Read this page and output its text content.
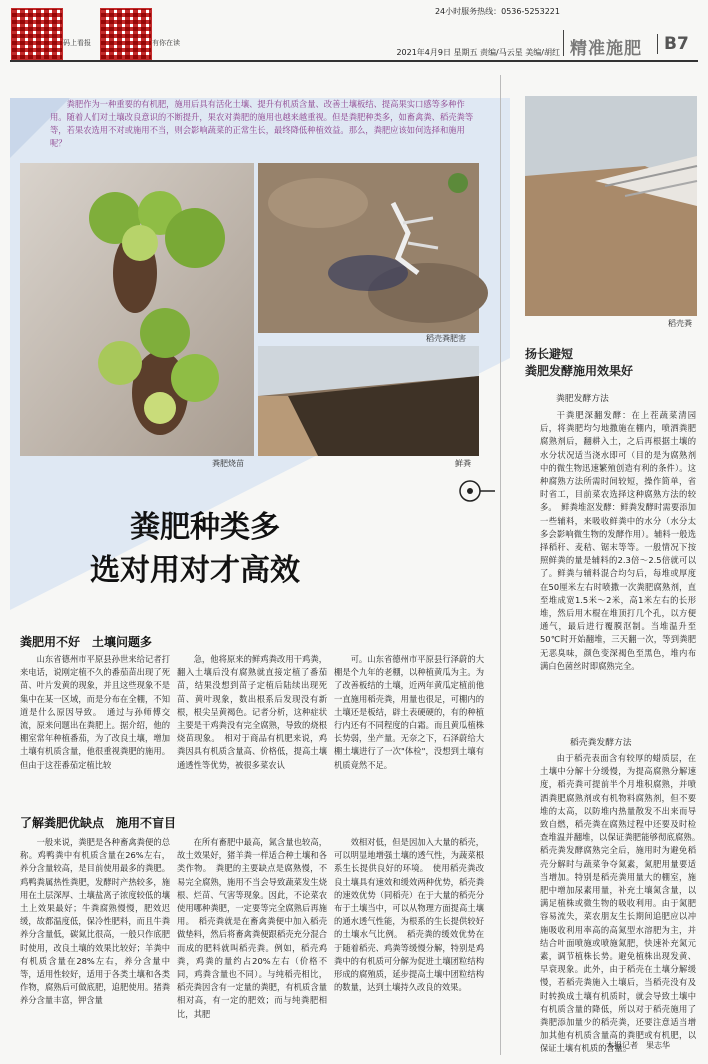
码上看报	有你在读
24小时服务热线：0536-5253221
2021年4月9日 星期五 责编/马云星 美编/胡红 精准施肥 B7
粪肥作为一种重要的有机肥，施用后具有活化土壤、提升有机质含量、改善土壤板结、提高果实口感等多种作用。随着人们对土壤改良意识的不断提升，果农对粪肥的施用也越来越重视。但是粪肥种类多，如畜禽粪、稻壳粪等等，若果农选用不对或施用不当，则会影响蔬菜的正常生长，最终降低种植效益。那么，粪肥应该如何选择和施用呢？
粪肥烧苗
稻壳粪肥害
鲜粪
粪肥种类多
选对用对才高效
粪肥用不好　土壤问题多
山东省德州市平原县孙世来给记者打来电话，说刚定植不久的番茄苗出现了死苗、叶片发黄的现象，并且这些现象不是集中在某一区域，而是分布在全棚，不知道是什么原因导致。　通过与孙师傅交流，原来问题出在粪肥上。据介绍，他的棚室常年种植番茄，为了改良土壤，增加土壤有机质含量，他很重视粪肥的施用。但由于这茬番茄定植比较
急，他将原来的鲜鸡粪改用干鸡粪，翻入土壤后没有腐熟就直接定植了番茄苗，结果没想到苗子定植后陆续出现死苗、黄叶现象，数出根系后发现没有新根，根尖呈黄褐色。记者分析，这种症状主要是干鸡粪没有完全腐熟，导致的烧根烧苗现象。　相对于商品有机肥来说，鸡粪因具有机质含量高、价格低，提高土壤通透性等优势，被很多菜农认
可。山东省德州市平原县行泽蔚的大棚是个九年的老棚，以种植黄瓜为主。为了改善板结的土壤，近两年黄瓜定植前他一直施用稻壳粪，用量也很足，可棚内的土壤还是板结，辟土表硬硬的，有的种植行内还有不同程度的白霜。而且黄瓜植株长势弱，坐产量。无奈之下，石泽蔚给大棚土壤进行了一次"体检"，没想到土壤有机质竟然不足。
了解粪肥优缺点　施用不盲目
一般来说，粪肥是各种畜禽粪便的总称。鸡鸭粪中有机质含量在26%左右，养分含量较高，是目前使用最多的粪肥。鸡鸭粪属热性粪肥，发酵时产热较多，施用在土层深厚、土壤盐离子浓度较低的壤土上效果最好；牛粪腐熟慢慢，肥效迟缓，故都温度低，保冷性肥料，而且牛粪养分含量低，碳氮比很高，一般只作底肥时使用，改良土壤的效果比较好；羊粪中有机质含量在28%左右，养分含量中等，适用性较好，适用于各类土壤和各类作物，腐熟后可做底肥，追肥使用。猪粪养分含量丰富，钾含量
在所有畜肥中最高，氮含量也较高，故土效果好，猪羊粪一样适合种土壤和各类作物。　粪肥的主要缺点是腐熟慢，不易完全腐熟，施用不当会导致蔬菜发生烧根、烂苗、气害等现象。因此，不论菜农使用哪种粪肥，一定要等完全腐熟后再施用。　稻壳粪就是在畜禽粪便中加入稻壳做垫料，然后将畜禽粪便跟稻壳充分混合而成的肥料就叫稻壳粪。例如，稻壳鸡粪，鸡粪的量约占20%左右（价格不同，鸡粪含量也不同）。与纯稻壳相比，稻壳粪因含有一定量的粪肥，有机质含量相对高，有一定的肥效；而与纯粪肥相比，其肥
效相对低，但是因加入大量的稻壳，可以明显地增强土壤的透气性，为蔬菜根系生长提供良好的环境。　使用稻壳粪改良土壤具有速效和缓效两种优势，稻壳粪的速效优势（同稻壳）在于大量的稻壳分布于土壤当中，可以从物理方面提高土壤的通水透气性能，为根系的生长提供较好的土壤水气比例。　稻壳粪的缓效优势在于随着稻壳、鸡粪等缓慢分解，特别是鸡粪中的有机质可分解为促进土壤团粒结构形成的腐殖质，延步提高土壤中团粒结构的数量，达到土壤持久改良的效果。
稻壳粪
扬长避短
粪肥发酵施用效果好
粪肥发酵方法
干粪肥深翻发酵：在上茬蔬菜清园后，将粪肥均匀地撒施在棚内，喷洒粪肥腐熟剂后，翻耕入土，之后再根据土壤的水分状况适当浇水即可（目的是为腐熟剂中的微生物迅速繁殖创造有利的条件）。这种腐熟方法所需时间较短，操作简单，省时省工，目前菜农选择这种腐熟方法的较多。　鲜粪堆沤发酵：鲜粪发酵时需要添加一些辅料，来吸收鲜粪中的水分（水分太多会影响微生物的发酵作用）。辅料一般选择稻秆、麦秸、锯末等等。一般情况下按照鲜粪的量是辅料的2.3倍～2.5倍就可以了。鲜粪与辅料混合均匀后，每堆或厚度在50厘米左右时喷撒一次粪肥腐熟剂，直至堆成宽1.5米～2米，高1米左右的长形堆，然后用木棍在堆顶打几个孔，以方便通气，最后进行覆膜沤制。当堆温升至50℃时开始翻堆，三天翻一次，等到粪肥无恶臭味，颜色变深褐色至黑色，堆内布满白色菌丝时即腐熟完全。
稻壳粪发酵方法
由于稻壳表面含有较厚的蜡质层，在土壤中分解十分缓慢，为提高腐熟分解速度，稻壳粪可提前半个月堆积腐熟，并喷洒粪肥腐熟剂或有机物料腐熟剂，但不要堆的太高，以防堆内热量散发不出来而导致自燃，稻壳粪在腐熟过程中还要及时检查堆温并翻堆，以保证粪肥能够彻底腐熟。　稻壳粪发酵腐熟完全后，施用时为避免稻壳分解时与蔬菜争夺氮素，氮肥用量要适当增加。特别是稻壳粪用量大的棚室，施肥中增加尿素用量，补充土壤氮含量，以满足植株或微生物的吸收利用。由于氮肥容易流失，菜农朋友生长期间追肥应以冲施吸收利用率高的高氮型水溶肥为主，并结合叶面喷施或喷施氮肥，快速补充氮元素，调节植株长势。避免植株出现发黄、早衰现象。此外，由于稻壳在土壤分解缓慢，若稻壳粪施入土壤后，当稻壳没有及时转换成土壤有机质时，就会导致土壤中有机质含量的降低，所以对于稻壳施用了粪肥添加量少的稻壳粪，还要注意适当增加其他有机质含量高的粪肥或有机肥，以保证土壤有机质的含量。
本报记者　果志华
